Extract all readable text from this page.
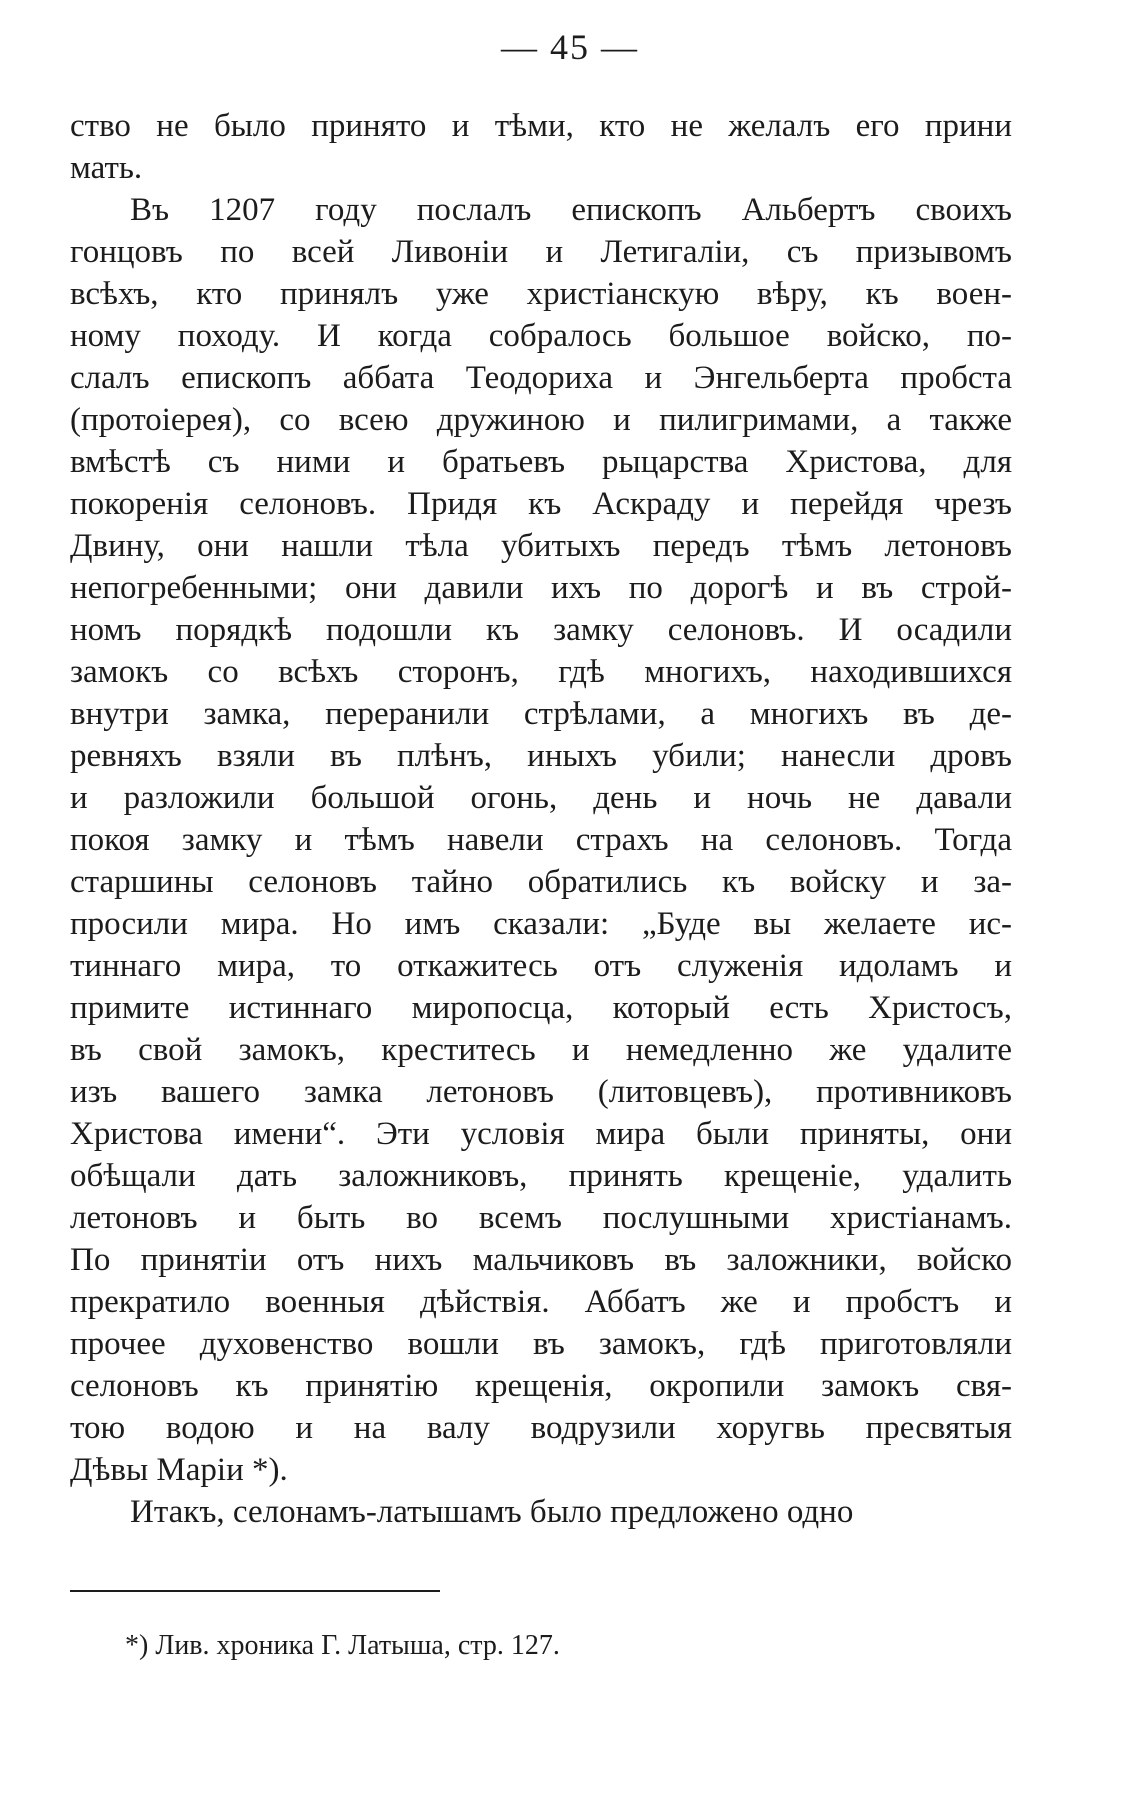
— 45 —
ство не было принято и тѣми, кто не желалъ его прини
мать.
Въ 1207 году послалъ епископъ Альбертъ своихъ
гонцовъ по всей Ливоніи и Летигаліи, съ призывомъ
всѣхъ, кто принялъ уже христіанскую вѣру, къ воен-
ному походу. И когда собралось большое войско, по-
слалъ епископъ аббата Теодориха и Энгельберта пробста
(протоіерея), со всею дружиною и пилигримами, а также
вмѣстѣ съ ними и братьевъ рыцарства Христова, для
покоренія селоновъ. Придя къ Аскраду и перейдя чрезъ
Двину, они нашли тѣла убитыхъ передъ тѣмъ летоновъ
непогребенными; они давили ихъ по дорогѣ и въ строй-
номъ порядкѣ подошли къ замку селоновъ. И осадили
замокъ со всѣхъ сторонъ, гдѣ многихъ, находившихся
внутри замка, переранили стрѣлами, а многихъ въ де-
ревняхъ взяли въ плѣнъ, иныхъ убили; нанесли дровъ
и разложили большой огонь, день и ночь не давали
покоя замку и тѣмъ навели страхъ на селоновъ. Тогда
старшины селоновъ тайно обратились къ войску и за-
просили мира. Но имъ сказали: „Буде вы желаете ис-
тиннаго мира, то откажитесь отъ служенія идоламъ и
примите истиннаго миропосца, который есть Христосъ,
въ свой замокъ, креститесь и немедленно же удалите
изъ вашего замка летоновъ (литовцевъ), противниковъ
Христова имени“. Эти условія мира были приняты, они
обѣщали дать заложниковъ, принять крещеніе, удалить
летоновъ и быть во всемъ послушными христіанамъ.
По принятіи отъ нихъ мальчиковъ въ заложники, войско
прекратило военныя дѣйствія. Аббатъ же и пробстъ и
прочее духовенство вошли въ замокъ, гдѣ приготовляли
селоновъ къ принятію крещенія, окропили замокъ свя-
тою водою и на валу водрузили хоругвь пресвятыя
Дѣвы Маріи *).
Итакъ, селонамъ-латышамъ было предложено одно
*) Лив. хроника Г. Латыша, стр. 127.
